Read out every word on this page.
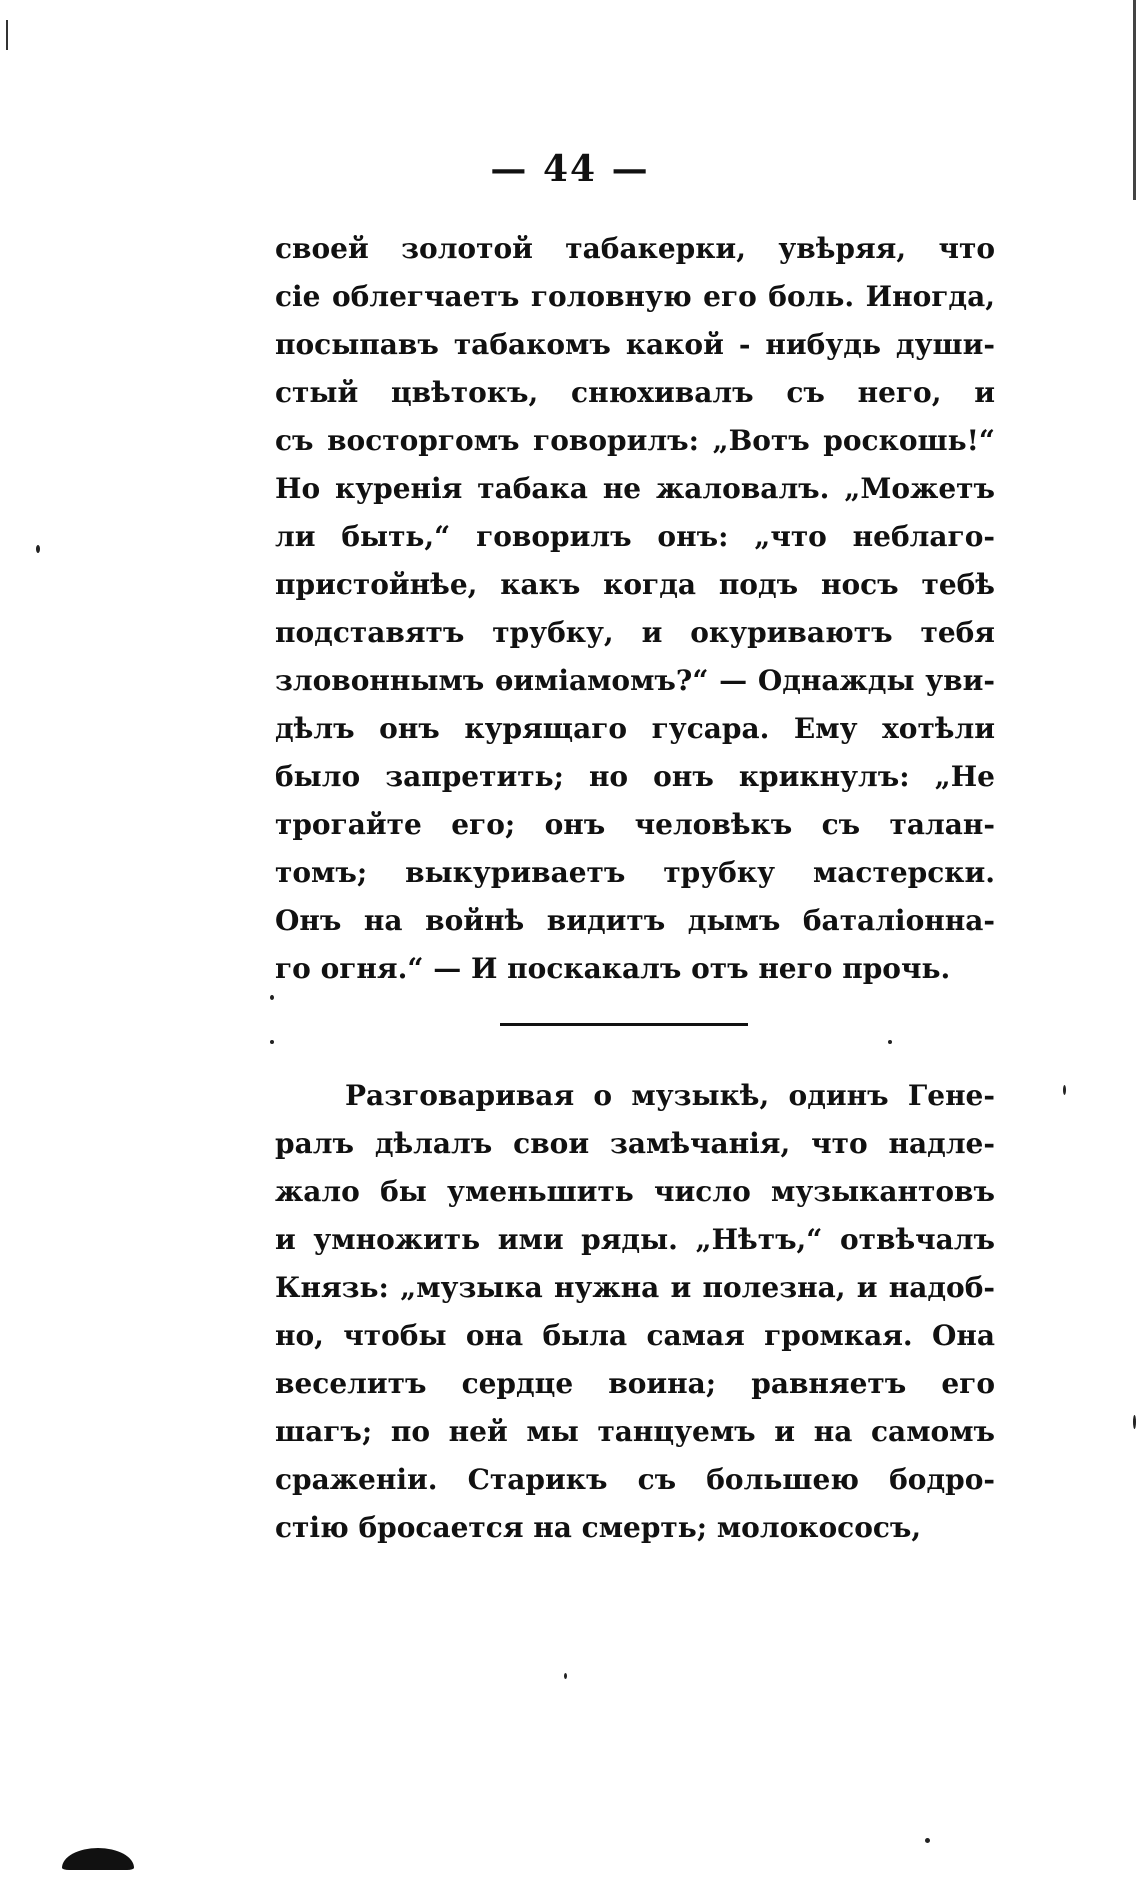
— 44 —
своей золотой табакерки, увѣряя, что
сіе облегчаетъ головную его боль. Иногда,
посыпавъ табакомъ какой - нибудь души-
стый цвѣтокъ, снюхивалъ съ него, и
съ восторгомъ говорилъ: „Вотъ роскошь!“
Но куренія табака не жаловалъ. „Можетъ
ли быть,“ говорилъ онъ: „что неблаго-
пристойнѣе, какъ когда подъ носъ тебѣ
подставятъ трубку, и окуриваютъ тебя
зловоннымъ ѳиміамомъ?“ — Однажды уви-
дѣлъ онъ курящаго гусара. Ему хотѣли
было запретить; но онъ крикнулъ: „Не
трогайте его; онъ человѣкъ съ талан-
томъ; выкуриваетъ трубку мастерски.
Онъ на войнѣ видитъ дымъ баталіонна-
го огня.“ — И поскакалъ отъ него прочь.
Разговаривая о музыкѣ, одинъ Гене-
ралъ дѣлалъ свои замѣчанія, что надле-
жало бы уменьшить число музыкантовъ
и умножить ими ряды. „Нѣтъ,“ отвѣчалъ
Князь: „музыка нужна и полезна, и надоб-
но, чтобы она была самая громкая. Она
веселитъ сердце воина; равняетъ его
шагъ; по ней мы танцуемъ и на самомъ
сраженіи. Старикъ съ большею бодро-
стію бросается на смерть; молокососъ,
